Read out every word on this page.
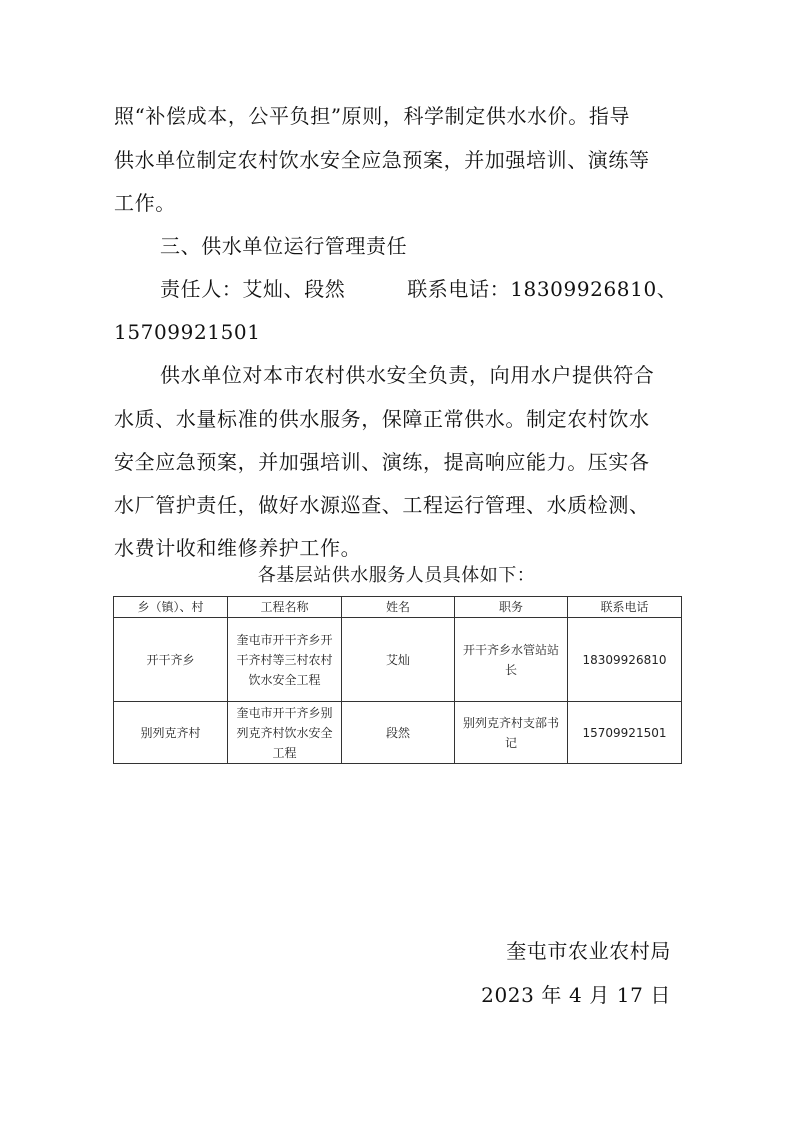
照“补偿成本，公平负担”原则，科学制定供水水价。指导
供水单位制定农村饮水安全应急预案，并加强培训、演练等
工作。
三、供水单位运行管理责任
责任人：艾灿、段然　　　联系电话：18309926810、
15709921501
供水单位对本市农村供水安全负责，向用水户提供符合
水质、水量标准的供水服务，保障正常供水。制定农村饮水
安全应急预案，并加强培训、演练，提高响应能力。压实各
水厂管护责任，做好水源巡查、工程运行管理、水质检测、
水费计收和维修养护工作。
各基层站供水服务人员具体如下：
乡（镇）、村	工程名称	姓名	职务	联系电话
开干齐乡	奎屯市开干齐乡开干齐村等三村农村饮水安全工程	艾灿	开干齐乡水管站站长	18309926810
别列克齐村	奎屯市开干齐乡别列克齐村饮水安全工程	段然	别列克齐村支部书记	15709921501
奎屯市农业农村局
2023 年 4 月 17 日
